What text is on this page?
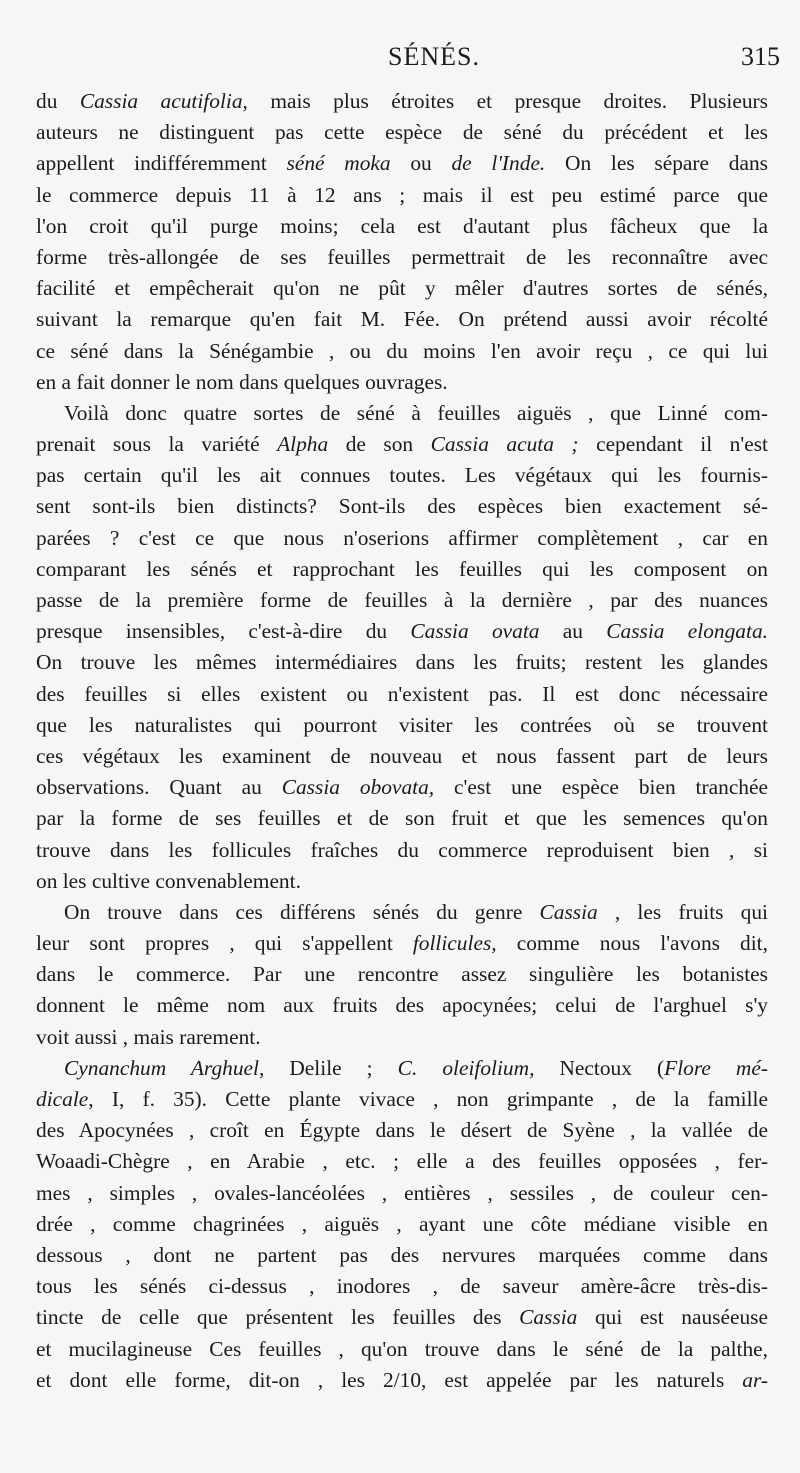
SÉNÉS.	315
du Cassia acutifolia, mais plus étroites et presque droites. Plusieurs
auteurs ne distinguent pas cette espèce de séné du précédent et les
appellent indifféremment séné moka ou de l'Inde. On les sépare dans
le commerce depuis 11 à 12 ans ; mais il est peu estimé parce que
l'on croit qu'il purge moins; cela est d'autant plus fâcheux que la
forme très-allongée de ses feuilles permettrait de les reconnaître avec
facilité et empêcherait qu'on ne pût y mêler d'autres sortes de sénés,
suivant la remarque qu'en fait M. Fée. On prétend aussi avoir récolté
ce séné dans la Sénégambie , ou du moins l'en avoir reçu , ce qui lui
en a fait donner le nom dans quelques ouvrages.
Voilà donc quatre sortes de séné à feuilles aiguës , que Linné com-
prenait sous la variété Alpha de son Cassia acuta ; cependant il n'est
pas certain qu'il les ait connues toutes. Les végétaux qui les fournis-
sent sont-ils bien distincts? Sont-ils des espèces bien exactement sé-
parées ? c'est ce que nous n'oserions affirmer complètement , car en
comparant les sénés et rapprochant les feuilles qui les composent on
passe de la première forme de feuilles à la dernière , par des nuances
presque insensibles, c'est-à-dire du Cassia ovata au Cassia elongata.
On trouve les mêmes intermédiaires dans les fruits; restent les glandes
des feuilles si elles existent ou n'existent pas. Il est donc nécessaire
que les naturalistes qui pourront visiter les contrées où se trouvent
ces végétaux les examinent de nouveau et nous fassent part de leurs
observations. Quant au Cassia obovata, c'est une espèce bien tranchée
par la forme de ses feuilles et de son fruit et que les semences qu'on
trouve dans les follicules fraîches du commerce reproduisent bien , si
on les cultive convenablement.
On trouve dans ces différens sénés du genre Cassia , les fruits qui
leur sont propres , qui s'appellent follicules, comme nous l'avons dit,
dans le commerce. Par une rencontre assez singulière les botanistes
donnent le même nom aux fruits des apocynées; celui de l'arghuel s'y
voit aussi , mais rarement.
Cynanchum Arghuel, Delile ; C. oleifolium, Nectoux (Flore mé-
dicale, I, f. 35). Cette plante vivace , non grimpante , de la famille
des Apocynées , croît en Égypte dans le désert de Syène , la vallée de
Woaadi-Chègre , en Arabie , etc. ; elle a des feuilles opposées , fer-
mes , simples , ovales-lancéolées , entières , sessiles , de couleur cen-
drée , comme chagrinées , aiguës , ayant une côte médiane visible en
dessous , dont ne partent pas des nervures marquées comme dans
tous les sénés ci-dessus , inodores , de saveur amère-âcre très-dis-
tincte de celle que présentent les feuilles des Cassia qui est nauséeuse
et mucilagineuse Ces feuilles , qu'on trouve dans le séné de la palthe,
et dont elle forme, dit-on , les 2/10, est appelée par les naturels ar-
